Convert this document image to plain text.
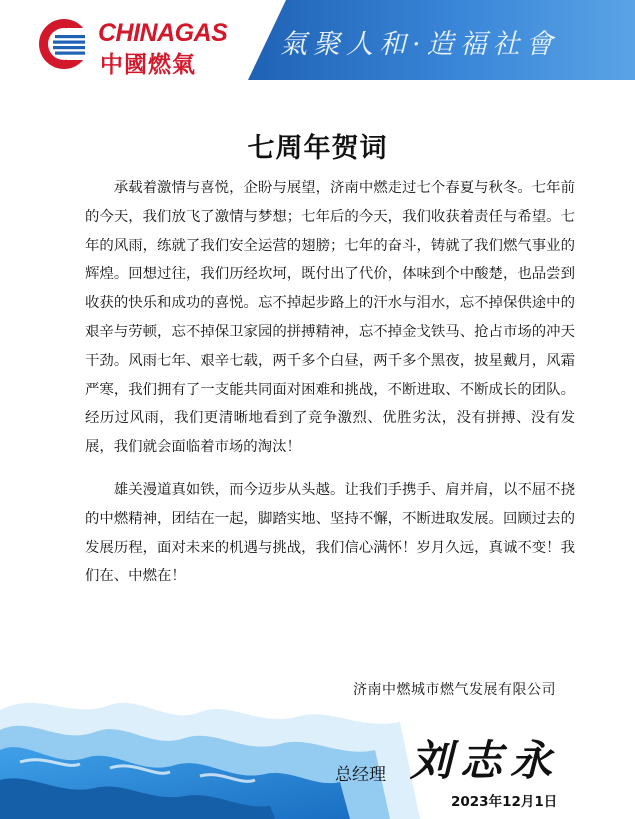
CHINAGAS
中國燃氣
氣聚人和·造福社會
七周年贺词

承载着激情与喜悦，企盼与展望，济南中燃走过七个春夏与秋冬。七年前的今天，我们放飞了激情与梦想；七年后的今天，我们收获着责任与希望。七年的风雨，练就了我们安全运营的翅膀；七年的奋斗，铸就了我们燃气事业的辉煌。回想过往，我们历经坎坷，既付出了代价，体味到个中酸楚，也品尝到收获的快乐和成功的喜悦。忘不掉起步路上的汗水与泪水，忘不掉保供途中的艰辛与劳顿，忘不掉保卫家园的拼搏精神，忘不掉金戈铁马、抢占市场的冲天干劲。风雨七年、艰辛七载，两千多个白昼，两千多个黑夜，披星戴月，风霜严寒，我们拥有了一支能共同面对困难和挑战，不断进取、不断成长的团队。经历过风雨，我们更清晰地看到了竞争激烈、优胜劣汰，没有拼搏、没有发展，我们就会面临着市场的淘汰！

雄关漫道真如铁，而今迈步从头越。让我们手携手、肩并肩，以不屈不挠的中燃精神，团结在一起，脚踏实地、坚持不懈，不断进取发展。回顾过去的发展历程，面对未来的机遇与挑战，我们信心满怀！岁月久远，真诚不变！我们在、中燃在！

济南中燃城市燃气发展有限公司
总经理 刘志永
2023年12月1日
